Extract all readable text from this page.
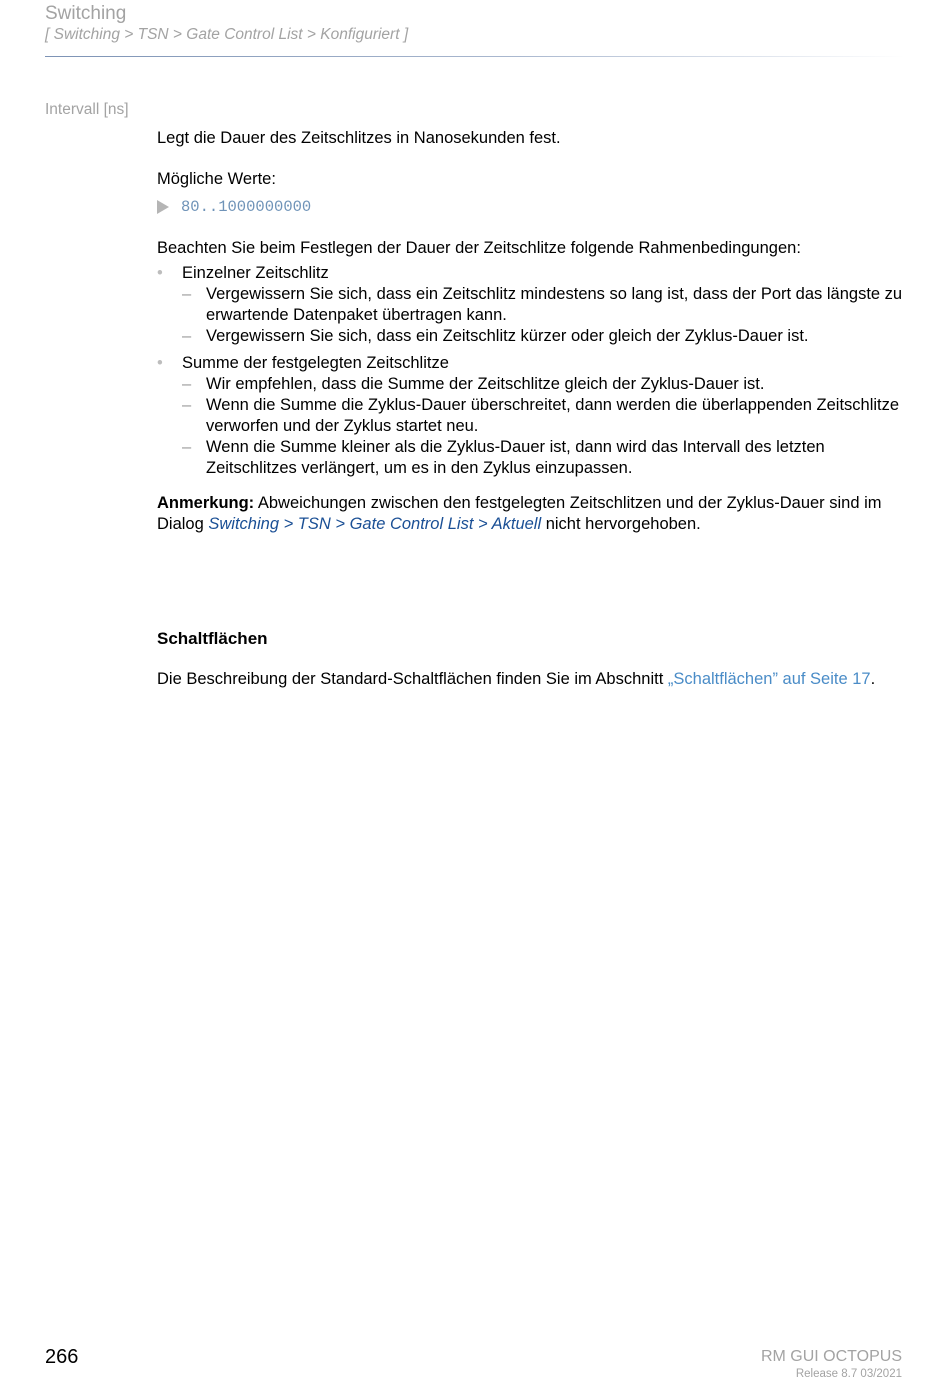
Switching
[ Switching > TSN > Gate Control List > Konfiguriert ]
Intervall [ns]

Legt die Dauer des Zeitschlitzes in Nanosekunden fest.

Mögliche Werte:

80..1000000000

Beachten Sie beim Festlegen der Dauer der Zeitschlitze folgende Rahmenbedingungen:

• Einzelner Zeitschlitz
– Vergewissern Sie sich, dass ein Zeitschlitz mindestens so lang ist, dass der Port das längste zu erwartende Datenpaket übertragen kann.
– Vergewissern Sie sich, dass ein Zeitschlitz kürzer oder gleich der Zyklus-Dauer ist.
• Summe der festgelegten Zeitschlitze
– Wir empfehlen, dass die Summe der Zeitschlitze gleich der Zyklus-Dauer ist.
– Wenn die Summe die Zyklus-Dauer überschreitet, dann werden die überlappenden Zeitschlitze verworfen und der Zyklus startet neu.
– Wenn die Summe kleiner als die Zyklus-Dauer ist, dann wird das Intervall des letzten Zeitschlitzes verlängert, um es in den Zyklus einzupassen.

Anmerkung: Abweichungen zwischen den festgelegten Zeitschlitzen und der Zyklus-Dauer sind im Dialog Switching > TSN > Gate Control List > Aktuell nicht hervorgehoben.

Schaltflächen

Die Beschreibung der Standard-Schaltflächen finden Sie im Abschnitt „Schaltflächen” auf Seite 17.

266	RM GUI OCTOPUS
Release 8.7 03/2021
